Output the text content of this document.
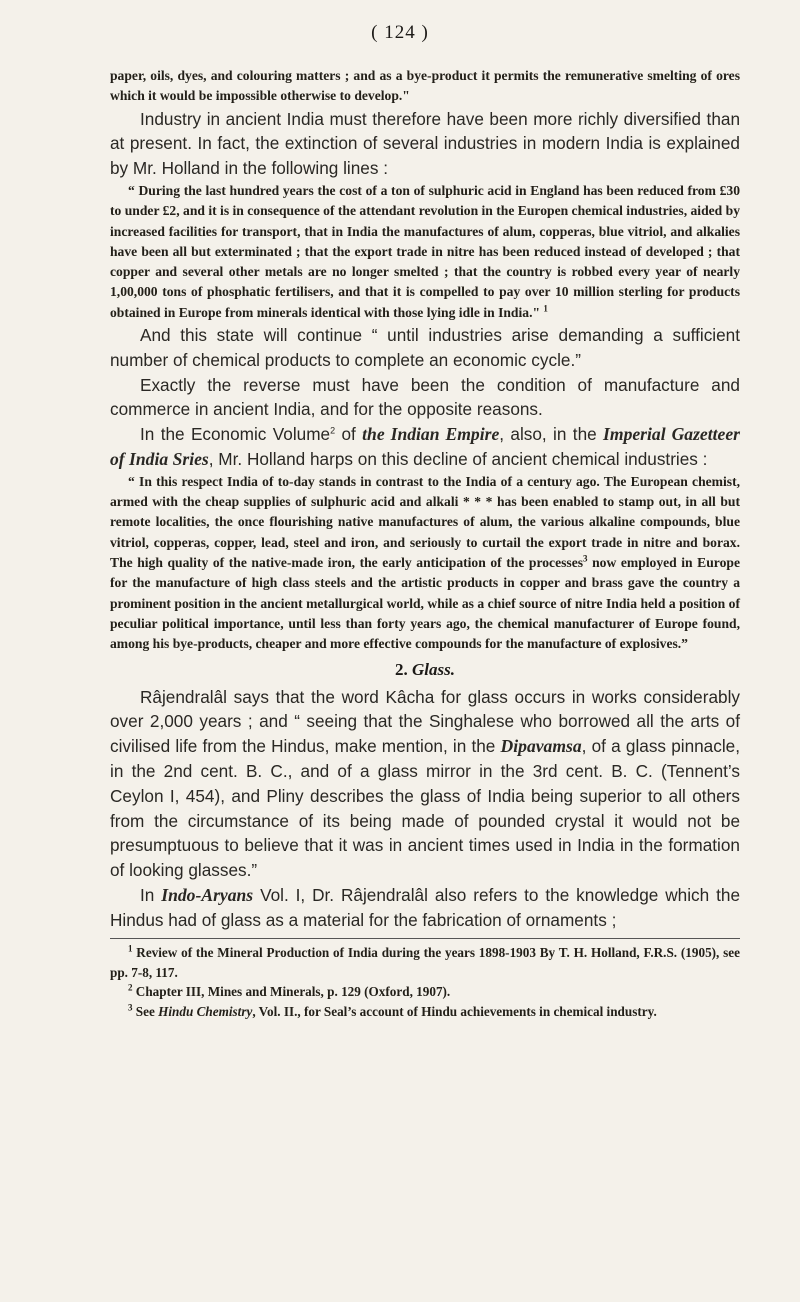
( 124 )

paper, oils, dyes, and colouring matters ; and as a bye-product it permits the remunerative smelting of ores which it would be impossible otherwise to develop."

Industry in ancient India must therefore have been more richly diversified than at present. In fact, the extinction of several industries in modern India is explained by Mr. Holland in the following lines :

“ During the last hundred years the cost of a ton of sulphuric acid in England has been reduced from £30 to under £2, and it is in consequence of the attendant revolution in the Europen chemical industries, aided by increased facilities for transport, that in India the manufactures of alum, copperas, blue vitriol, and alkalies have been all but exterminated ; that the export trade in nitre has been reduced instead of developed ; that copper and several other metals are no longer smelted ; that the country is robbed every year of nearly 1,00,000 tons of phosphatic fertilisers, and that it is compelled to pay over 10 million sterling for products obtained in Europe from minerals identical with those lying idle in India." $^1$

And this state will continue “ until industries arise demanding a sufficient number of chemical products to complete an economic cycle.”

Exactly the reverse must have been the condition of manufacture and commerce in ancient India, and for the opposite reasons.

In the Economic Volume$^2$ of the Indian Empire, also, in the Imperial Gazetteer of India Sries, Mr. Holland harps on this decline of ancient chemical industries :

“ In this respect India of to-day stands in contrast to the India of a century ago. The European chemist, armed with the cheap supplies of sulphuric acid and alkali * * * has been enabled to stamp out, in all but remote localities, the once flourishing native manufactures of alum, the various alkaline compounds, blue vitriol, copperas, copper, lead, steel and iron, and seriously to curtail the export trade in nitre and borax. The high quality of the native-made iron, the early anticipation of the processes$^3$ now employed in Europe for the manufacture of high class steels and the artistic products in copper and brass gave the country a prominent position in the ancient metallurgical world, while as a chief source of nitre India held a position of peculiar political importance, until less than forty years ago, the chemical manufacturer of Europe found, among his bye-products, cheaper and more effective compounds for the manufacture of explosives.”

2. Glass.

Râjendralâl says that the word Kâcha for glass occurs in works considerably over 2,000 years ; and “ seeing that the Singhalese who borrowed all the arts of civilised life from the Hindus, make mention, in the Dipavamsa, of a glass pinnacle, in the 2nd cent. B. C., and of a glass mirror in the 3rd cent. B. C. (Tennent’s Ceylon I, 454), and Pliny describes the glass of India being superior to all others from the circumstance of its being made of pounded crystal it would not be presumptuous to believe that it was in ancient times used in India in the formation of looking glasses.”

In Indo-Aryans Vol. I, Dr. Râjendralâl also refers to the knowledge which the Hindus had of glass as a material for the fabrication of ornaments ;

$^1$ Review of the Mineral Production of India during the years 1898-1903 By T. H. Holland, F.R.S. (1905), see pp. 7-8, 117.

$^2$ Chapter III, Mines and Minerals, p. 129 (Oxford, 1907).

$^3$ See Hindu Chemistry, Vol. II., for Seal’s account of Hindu achievements in chemical industry.
